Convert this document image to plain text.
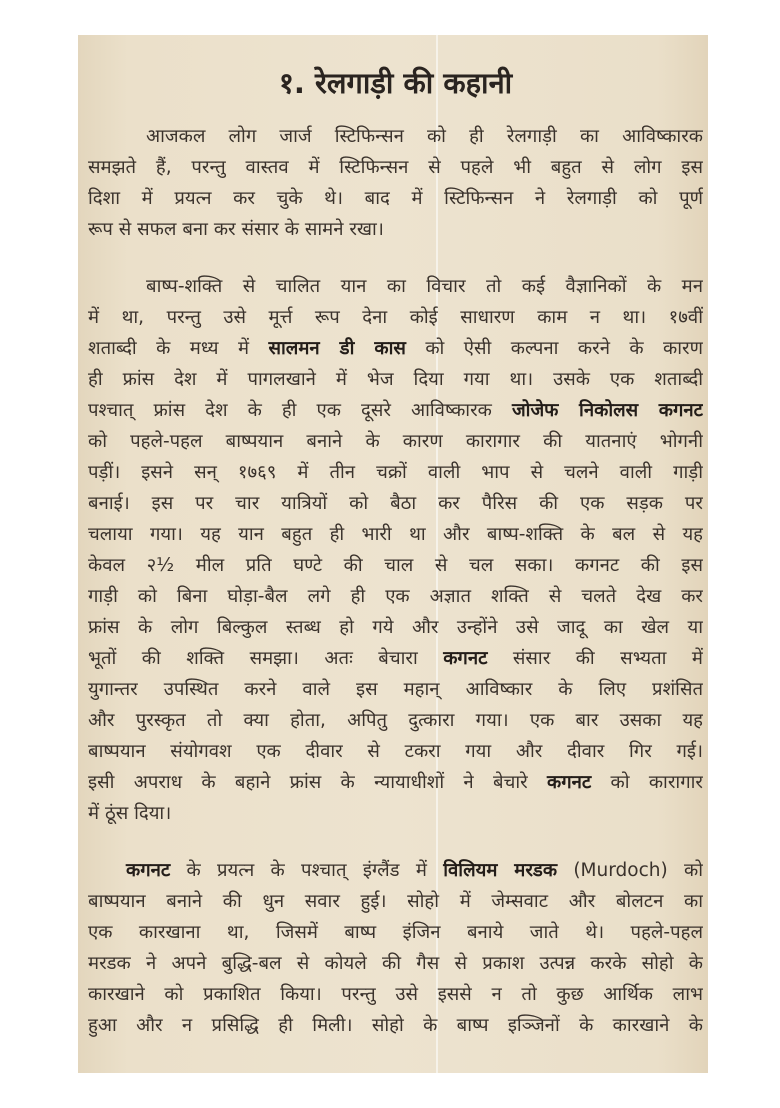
१. रेलगाड़ी की कहानी
आजकल लोग जार्ज स्टिफिन्सन को ही रेलगाड़ी का आविष्कारक
समझते हैं, परन्तु वास्तव में स्टिफिन्सन से पहले भी बहुत से लोग इस
दिशा में प्रयत्न कर चुके थे। बाद में स्टिफिन्सन ने रेलगाड़ी को पूर्ण
रूप से सफल बना कर संसार के सामने रखा।
बाष्प-शक्ति से चालित यान का विचार तो कई वैज्ञानिकों के मन
में था, परन्तु उसे मूर्त्त रूप देना कोई साधारण काम न था। १७वीं
शताब्दी के मध्य में सालमन डी कास को ऐसी कल्पना करने के कारण
ही फ्रांस देश में पागलखाने में भेज दिया गया था। उसके एक शताब्दी
पश्चात् फ्रांस देश के ही एक दूसरे आविष्कारक जोजेफ निकोलस कगनट
को पहले-पहल बाष्पयान बनाने के कारण कारागार की यातनाएं भोगनी
पड़ीं। इसने सन् १७६९ में तीन चक्रों वाली भाप से चलने वाली गाड़ी
बनाई। इस पर चार यात्रियों को बैठा कर पैरिस की एक सड़क पर
चलाया गया। यह यान बहुत ही भारी था और बाष्प-शक्ति के बल से यह
केवल २½ मील प्रति घण्टे की चाल से चल सका। कगनट की इस
गाड़ी को बिना घोड़ा-बैल लगे ही एक अज्ञात शक्ति से चलते देख कर
फ्रांस के लोग बिल्कुल स्तब्ध हो गये और उन्होंने उसे जादू का खेल या
भूतों की शक्ति समझा। अतः बेचारा कगनट संसार की सभ्यता में
युगान्तर उपस्थित करने वाले इस महान् आविष्कार के लिए प्रशंसित
और पुरस्कृत तो क्या होता, अपितु दुत्कारा गया। एक बार उसका यह
बाष्पयान संयोगवश एक दीवार से टकरा गया और दीवार गिर गई।
इसी अपराध के बहाने फ्रांस के न्यायाधीशों ने बेचारे कगनट को कारागार
में ठूंस दिया।
कगनट के प्रयत्न के पश्चात् इंग्लैंड में विलियम मरडक (Murdoch) को
बाष्पयान बनाने की धुन सवार हुई। सोहो में जेम्सवाट और बोलटन का
एक कारखाना था, जिसमें बाष्प इंजिन बनाये जाते थे। पहले-पहल
मरडक ने अपने बुद्धि-बल से कोयले की गैस से प्रकाश उत्पन्न करके सोहो के
कारखाने को प्रकाशित किया। परन्तु उसे इससे न तो कुछ आर्थिक लाभ
हुआ और न प्रसिद्धि ही मिली। सोहो के बाष्प इञ्जिनों के कारखाने के
